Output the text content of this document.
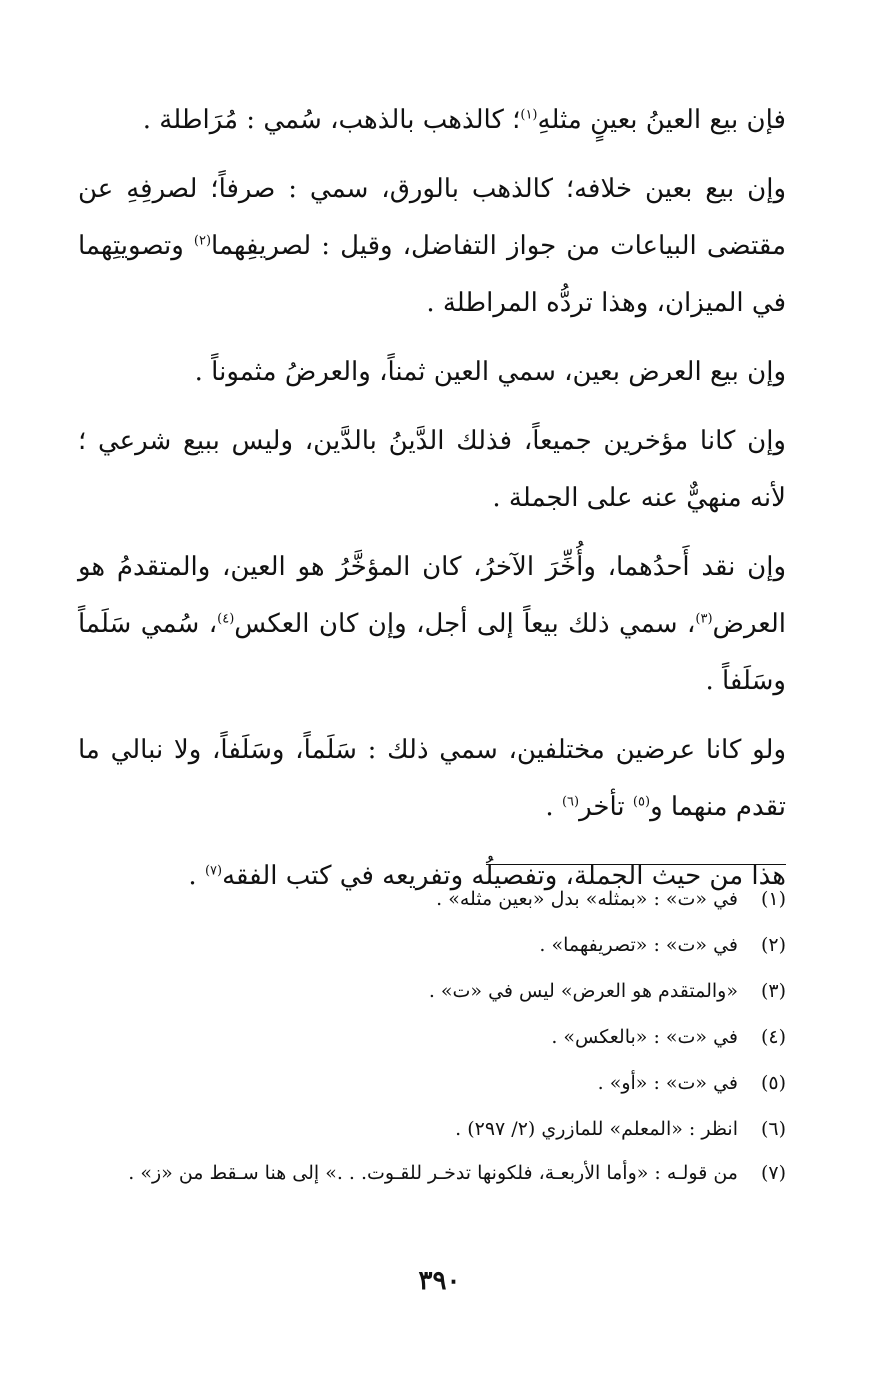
فإن بيع العينُ بعينٍ مثلهِ$^{(١)}$؛ كالذهب بالذهب، سُمي : مُرَاطلة .

وإن بيع بعين خلافه؛ كالذهب بالورق، سمي : صرفاً؛ لصرفِهِ عن مقتضى البياعات من جواز التفاضل، وقيل : لصريفِهما$^{(٢)}$ وتصويتِهما في الميزان، وهذا تردُّه المراطلة .

وإن بيع العرض بعين، سمي العين ثمناً، والعرضُ مثموناً .

وإن كانا مؤخرين جميعاً، فذلك الدَّينُ بالدَّين، وليس ببيع شرعي ؛ لأنه منهيٌّ عنه على الجملة .

وإن نقد أَحدُهما، وأُخِّرَ الآخرُ، كان المؤخَّرُ هو العين، والمتقدمُ هو العرض$^{(٣)}$، سمي ذلك بيعاً إلى أجل، وإن كان العكس$^{(٤)}$، سُمي سَلَماً وسَلَفاً .

ولو كانا عرضين مختلفين، سمي ذلك : سَلَماً، وسَلَفاً، ولا نبالي ما تقدم منهما و$^{(٥)}$ تأخر$^{(٦)}$ .

هذا من حيث الجملة، وتفصيلُه وتفريعه في كتب الفقه$^{(٧)}$ .

(١)
في «ت» : «بمثله» بدل «بعين مثله» .
(٢)
في «ت» : «تصريفهما» .
(٣)
«والمتقدم هو العرض» ليس في «ت» .
(٤)
في «ت» : «بالعكس» .
(٥)
في «ت» : «أو» .
(٦)
انظر : «المعلم» للمازري (٢/ ٢٩٧) .
(٧)
من قولـه : «وأما الأربعـة، فلكونها تدخـر للقـوت. . .» إلى هنا سـقط من «ز» .
٣٩٠
